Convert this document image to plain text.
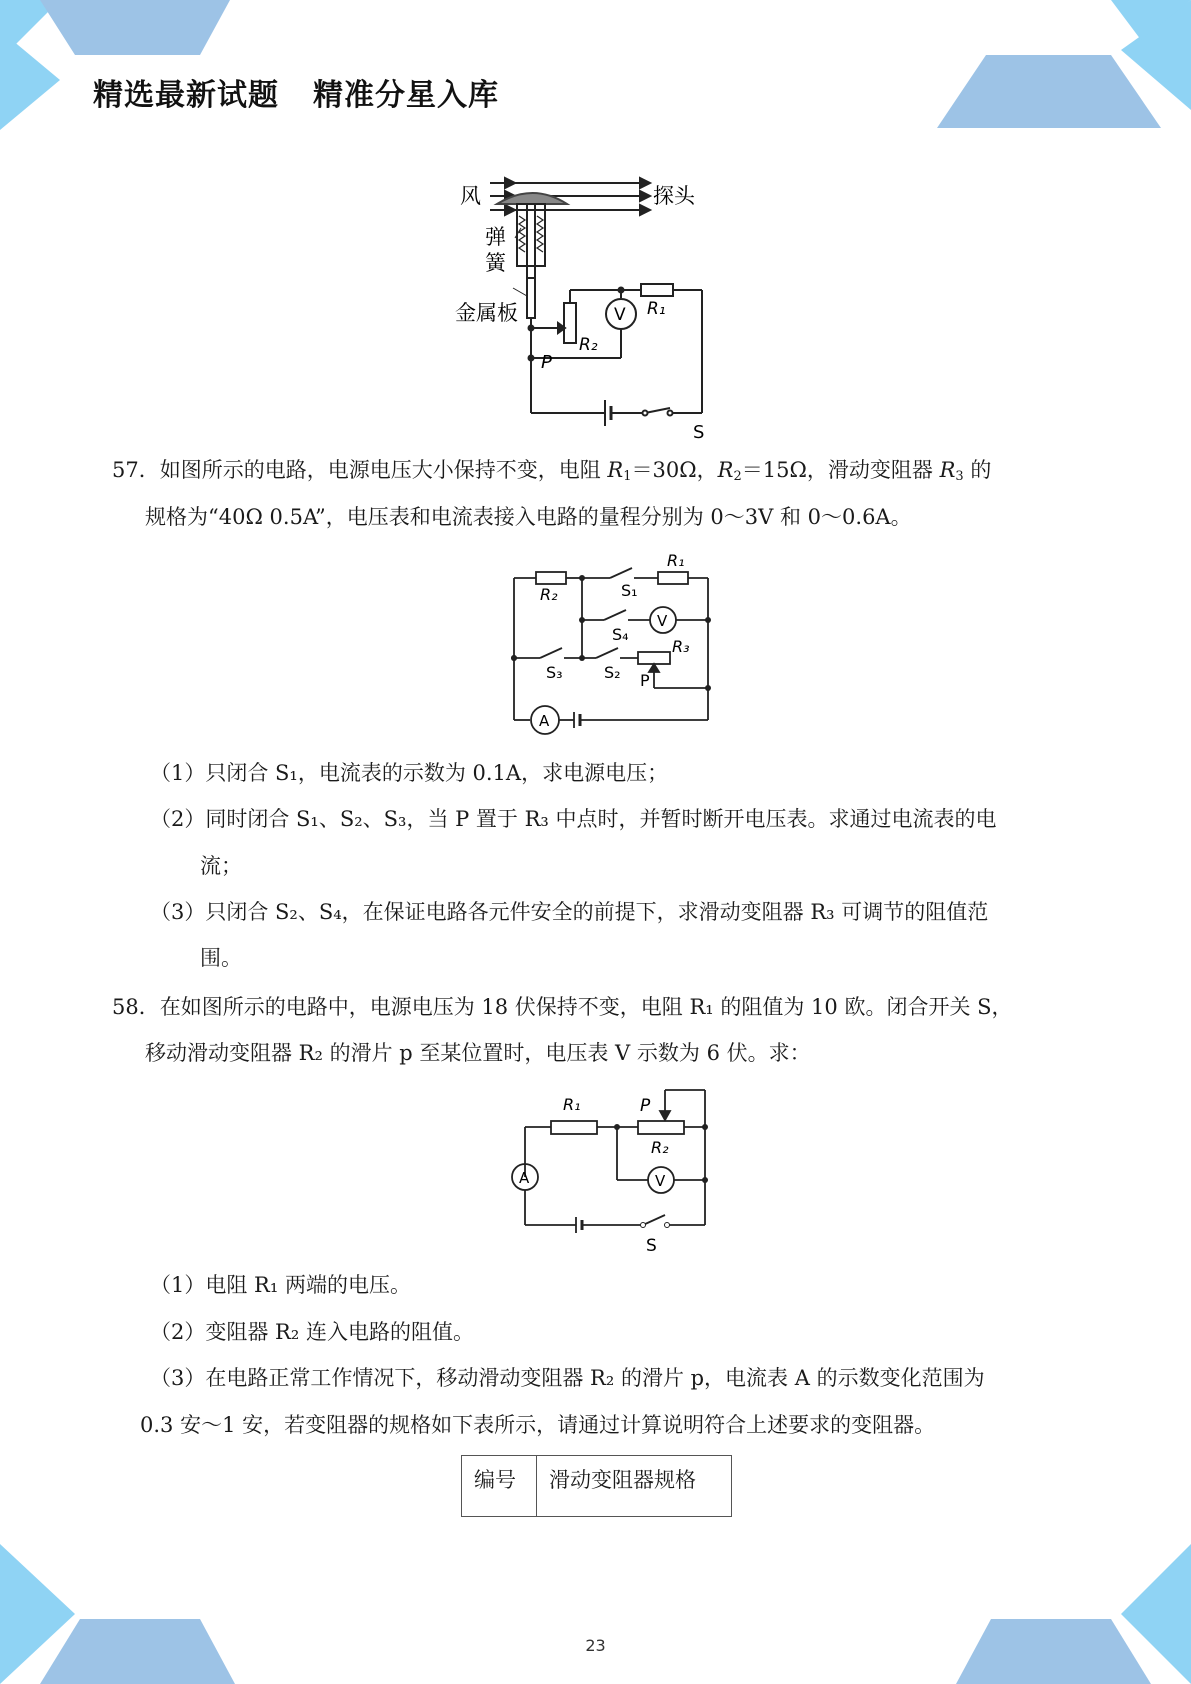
精选最新试题 精准分星入库
风	探头
弹
簧
金属板	R₁
R₂
V
P
S
57．如图所示的电路，电源电压大小保持不变，电阻 $R_1=30\Omega$，$R_2=15\Omega$，滑动变阻器 $R_3$ 的
规格为“40Ω 0.5A”，电压表和电流表接入电路的量程分别为 0～3V 和 0～0.6A。
R₂
R₁
S₁
V
S₄
R₃
S₃	S₂ P
A
（1）只闭合 S₁，电流表的示数为 0.1A，求电源电压；
（2）同时闭合 S₁、S₂、S₃，当 P 置于 R₃ 中点时，并暂时断开电压表。求通过电流表的电
流；
（3）只闭合 S₂、S₄，在保证电路各元件安全的前提下，求滑动变阻器 R₃ 可调节的阻值范
围。
58．在如图所示的电路中，电源电压为 18 伏保持不变，电阻 R₁ 的阻值为 10 欧。闭合开关 S，
移动滑动变阻器 R₂ 的滑片 p 至某位置时，电压表 V 示数为 6 伏。求：
R₁	P
R₂
V
A
S
（1）电阻 R₁ 两端的电压。
（2）变阻器 R₂ 连入电路的阻值。
（3）在电路正常工作情况下，移动滑动变阻器 R₂ 的滑片 p，电流表 A 的示数变化范围为
0.3 安～1 安，若变阻器的规格如下表所示，请通过计算说明符合上述要求的变阻器。
编号	滑动变阻器规格
23
